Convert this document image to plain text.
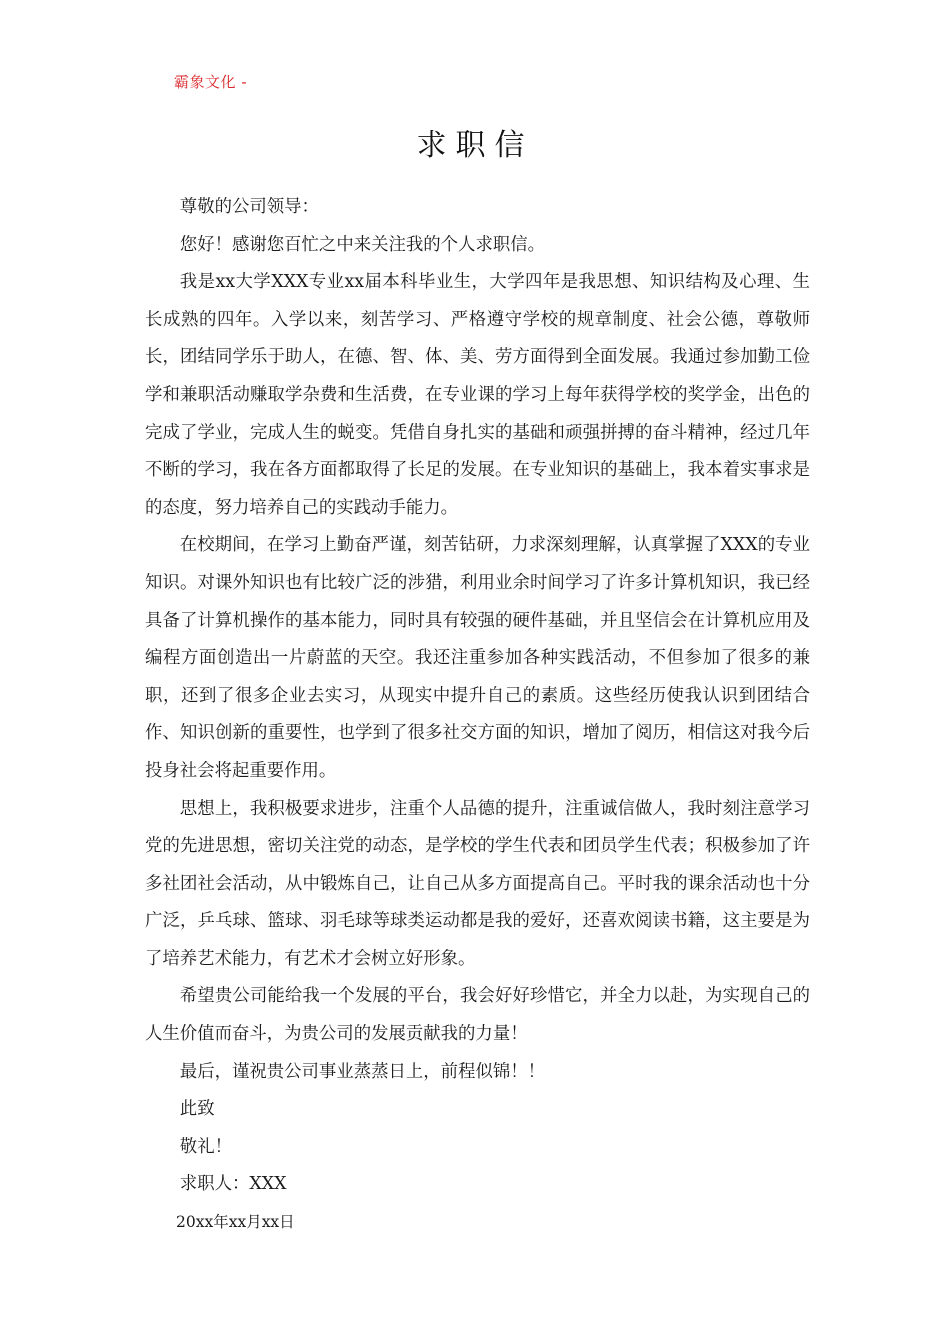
霸象文化 -
求职信

尊敬的公司领导：

您好！感谢您百忙之中来关注我的个人求职信。

我是xx大学XXX专业xx届本科毕业生，大学四年是我思想、知识结构及心理、生长成熟的四年。入学以来，刻苦学习、严格遵守学校的规章制度、社会公德，尊敬师长，团结同学乐于助人，在德、智、体、美、劳方面得到全面发展。我通过参加勤工俭学和兼职活动赚取学杂费和生活费，在专业课的学习上每年获得学校的奖学金，出色的完成了学业，完成人生的蜕变。凭借自身扎实的基础和顽强拼搏的奋斗精神，经过几年不断的学习，我在各方面都取得了长足的发展。在专业知识的基础上，我本着实事求是的态度，努力培养自己的实践动手能力。

在校期间，在学习上勤奋严谨，刻苦钻研，力求深刻理解，认真掌握了XXX的专业知识。对课外知识也有比较广泛的涉猎，利用业余时间学习了许多计算机知识，我已经具备了计算机操作的基本能力，同时具有较强的硬件基础，并且坚信会在计算机应用及编程方面创造出一片蔚蓝的天空。我还注重参加各种实践活动，不但参加了很多的兼职，还到了很多企业去实习，从现实中提升自己的素质。这些经历使我认识到团结合作、知识创新的重要性，也学到了很多社交方面的知识，增加了阅历，相信这对我今后投身社会将起重要作用。

思想上，我积极要求进步，注重个人品德的提升，注重诚信做人，我时刻注意学习党的先进思想，密切关注党的动态，是学校的学生代表和团员学生代表；积极参加了许多社团社会活动，从中锻炼自己，让自己从多方面提高自己。平时我的课余活动也十分广泛，乒乓球、篮球、羽毛球等球类运动都是我的爱好，还喜欢阅读书籍，这主要是为了培养艺术能力，有艺术才会树立好形象。

希望贵公司能给我一个发展的平台，我会好好珍惜它，并全力以赴，为实现自己的人生价值而奋斗，为贵公司的发展贡献我的力量！

最后，谨祝贵公司事业蒸蒸日上，前程似锦！！

此致

敬礼！

求职人：XXX

20xx年xx月xx日
